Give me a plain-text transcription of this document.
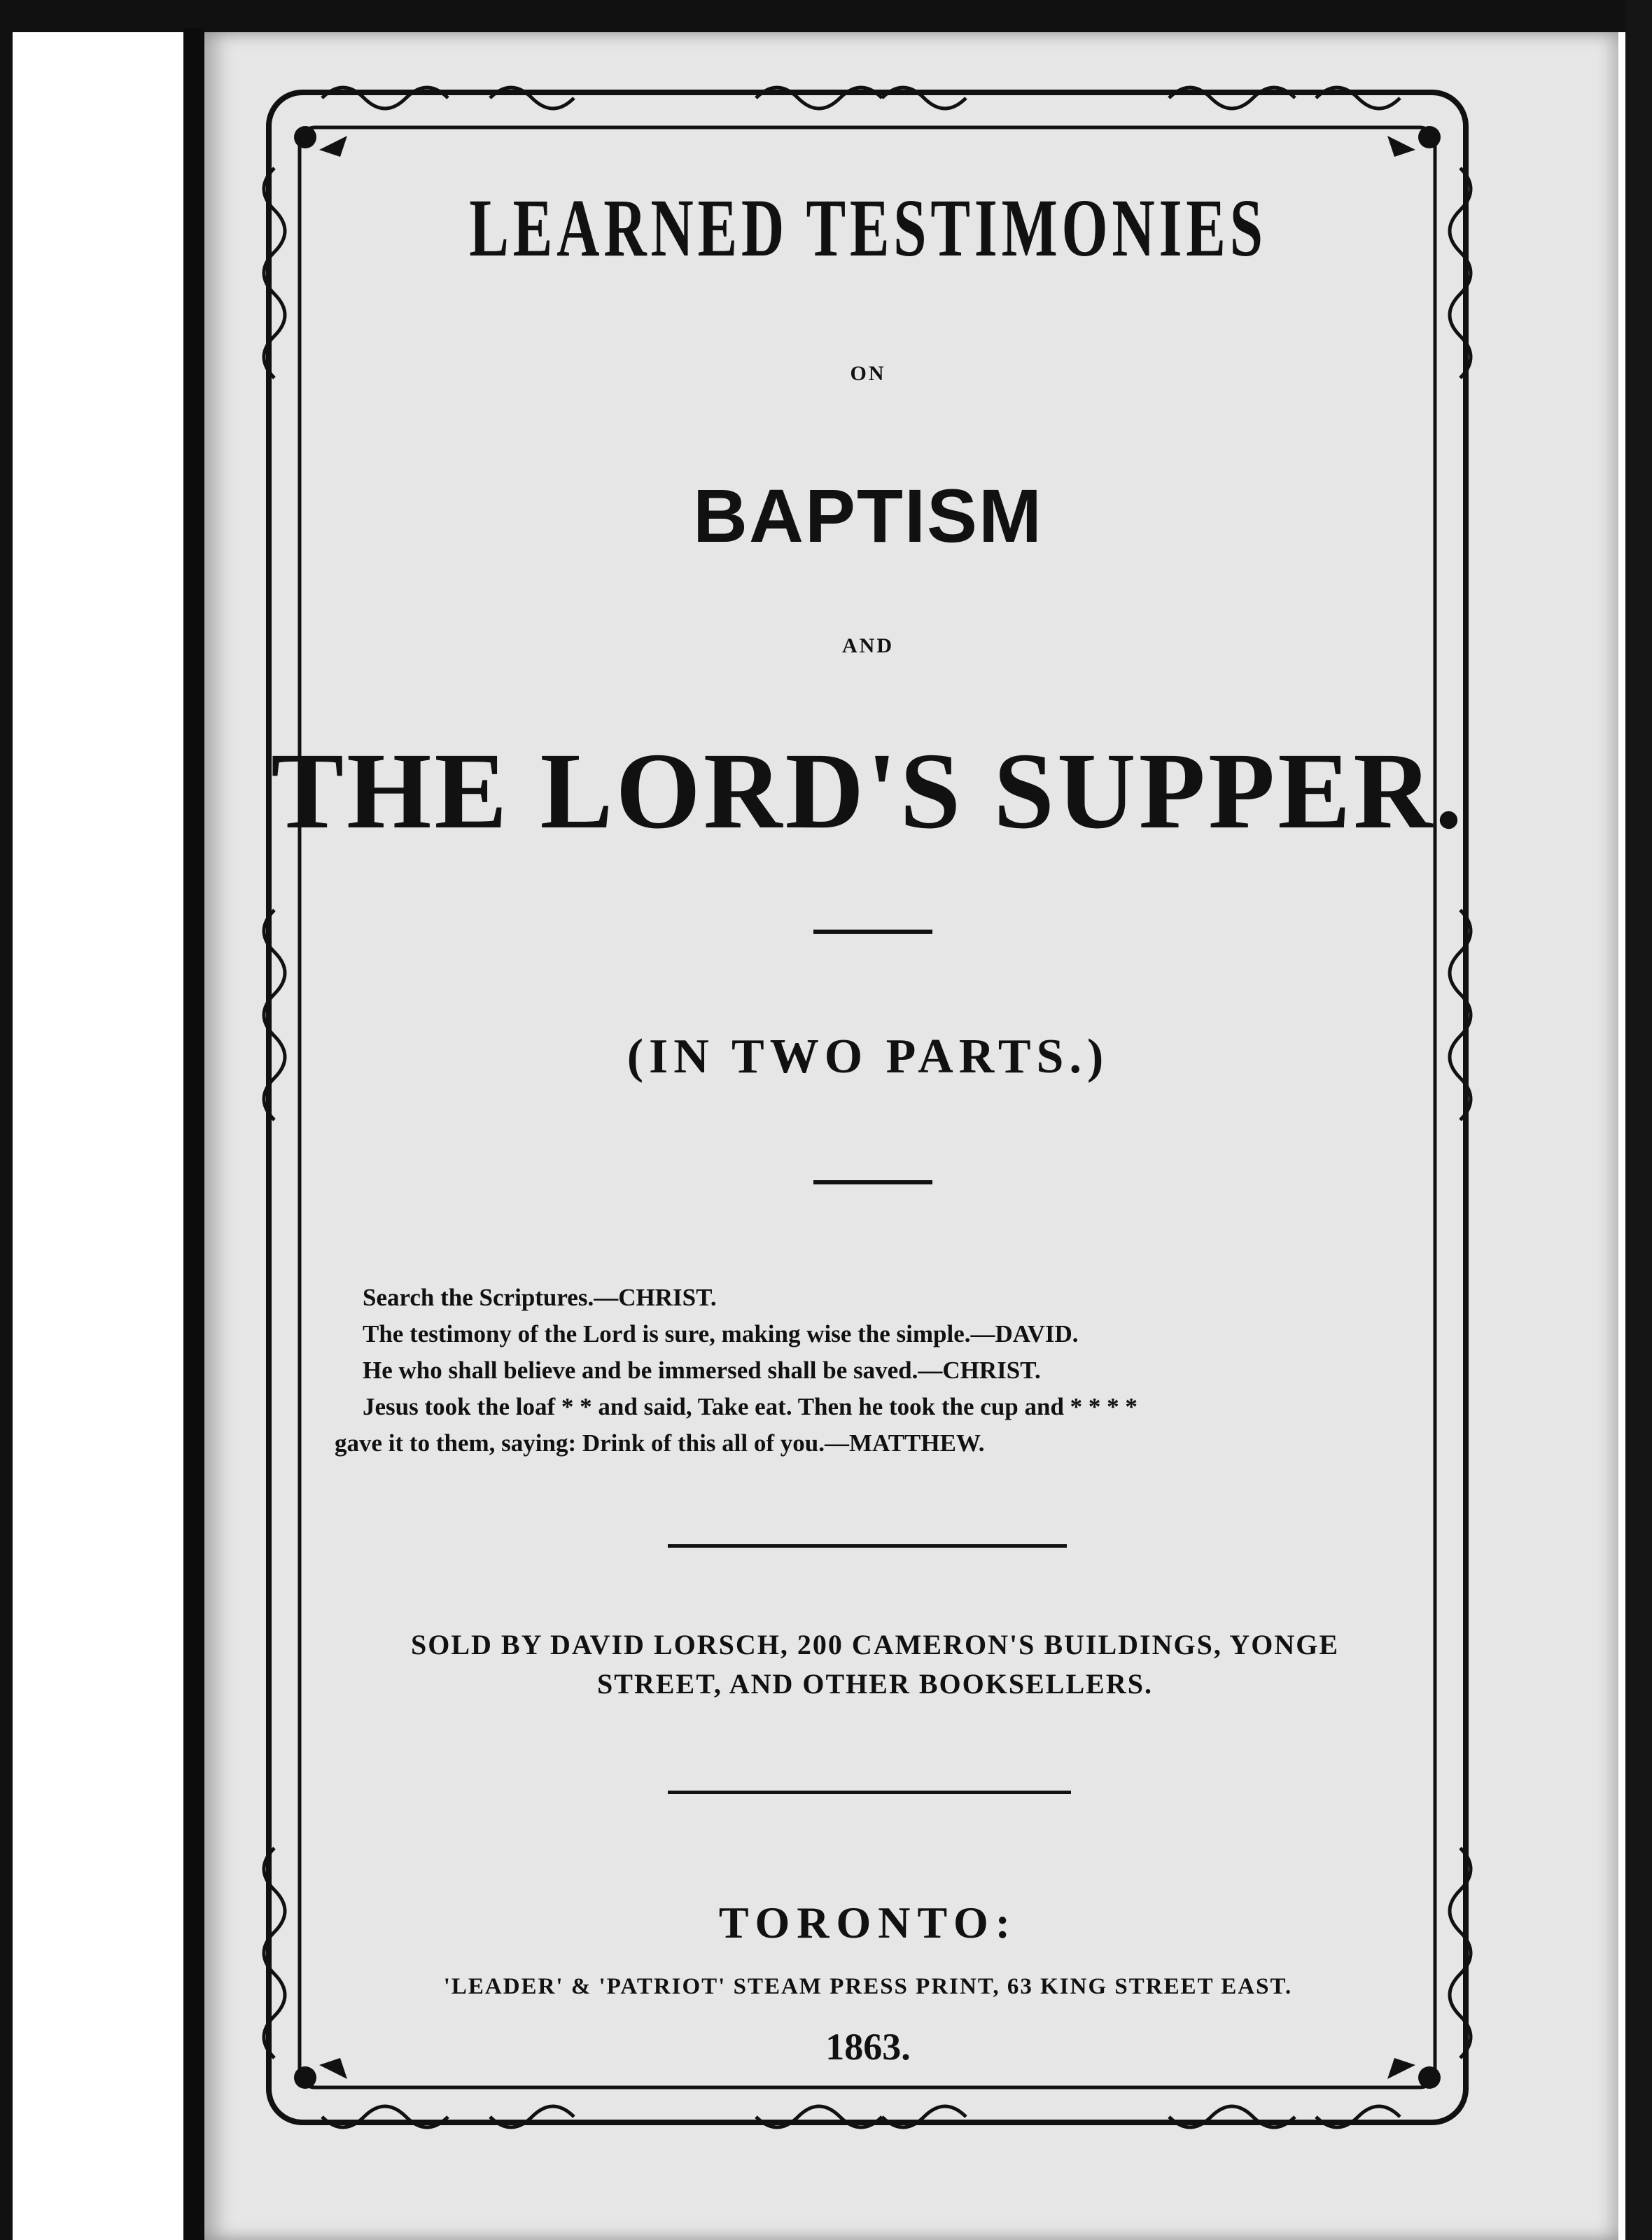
LEARNED TESTIMONIES
ON
BAPTISM
AND
THE LORD'S SUPPER.
(IN TWO PARTS.)
Search the Scriptures.—CHRIST.
The testimony of the Lord is sure, making wise the simple.—DAVID.
He who shall believe and be immersed shall be saved.—CHRIST.
Jesus took the loaf * * and said, Take eat. Then he took the cup and * * * *
gave it to them, saying: Drink of this all of you.—MATTHEW.
SOLD BY DAVID LORSCH, 200 CAMERON'S BUILDINGS, YONGE STREET, AND OTHER BOOKSELLERS.
TORONTO:
'LEADER' & 'PATRIOT' STEAM PRESS PRINT, 63 KING STREET EAST.
1863.
